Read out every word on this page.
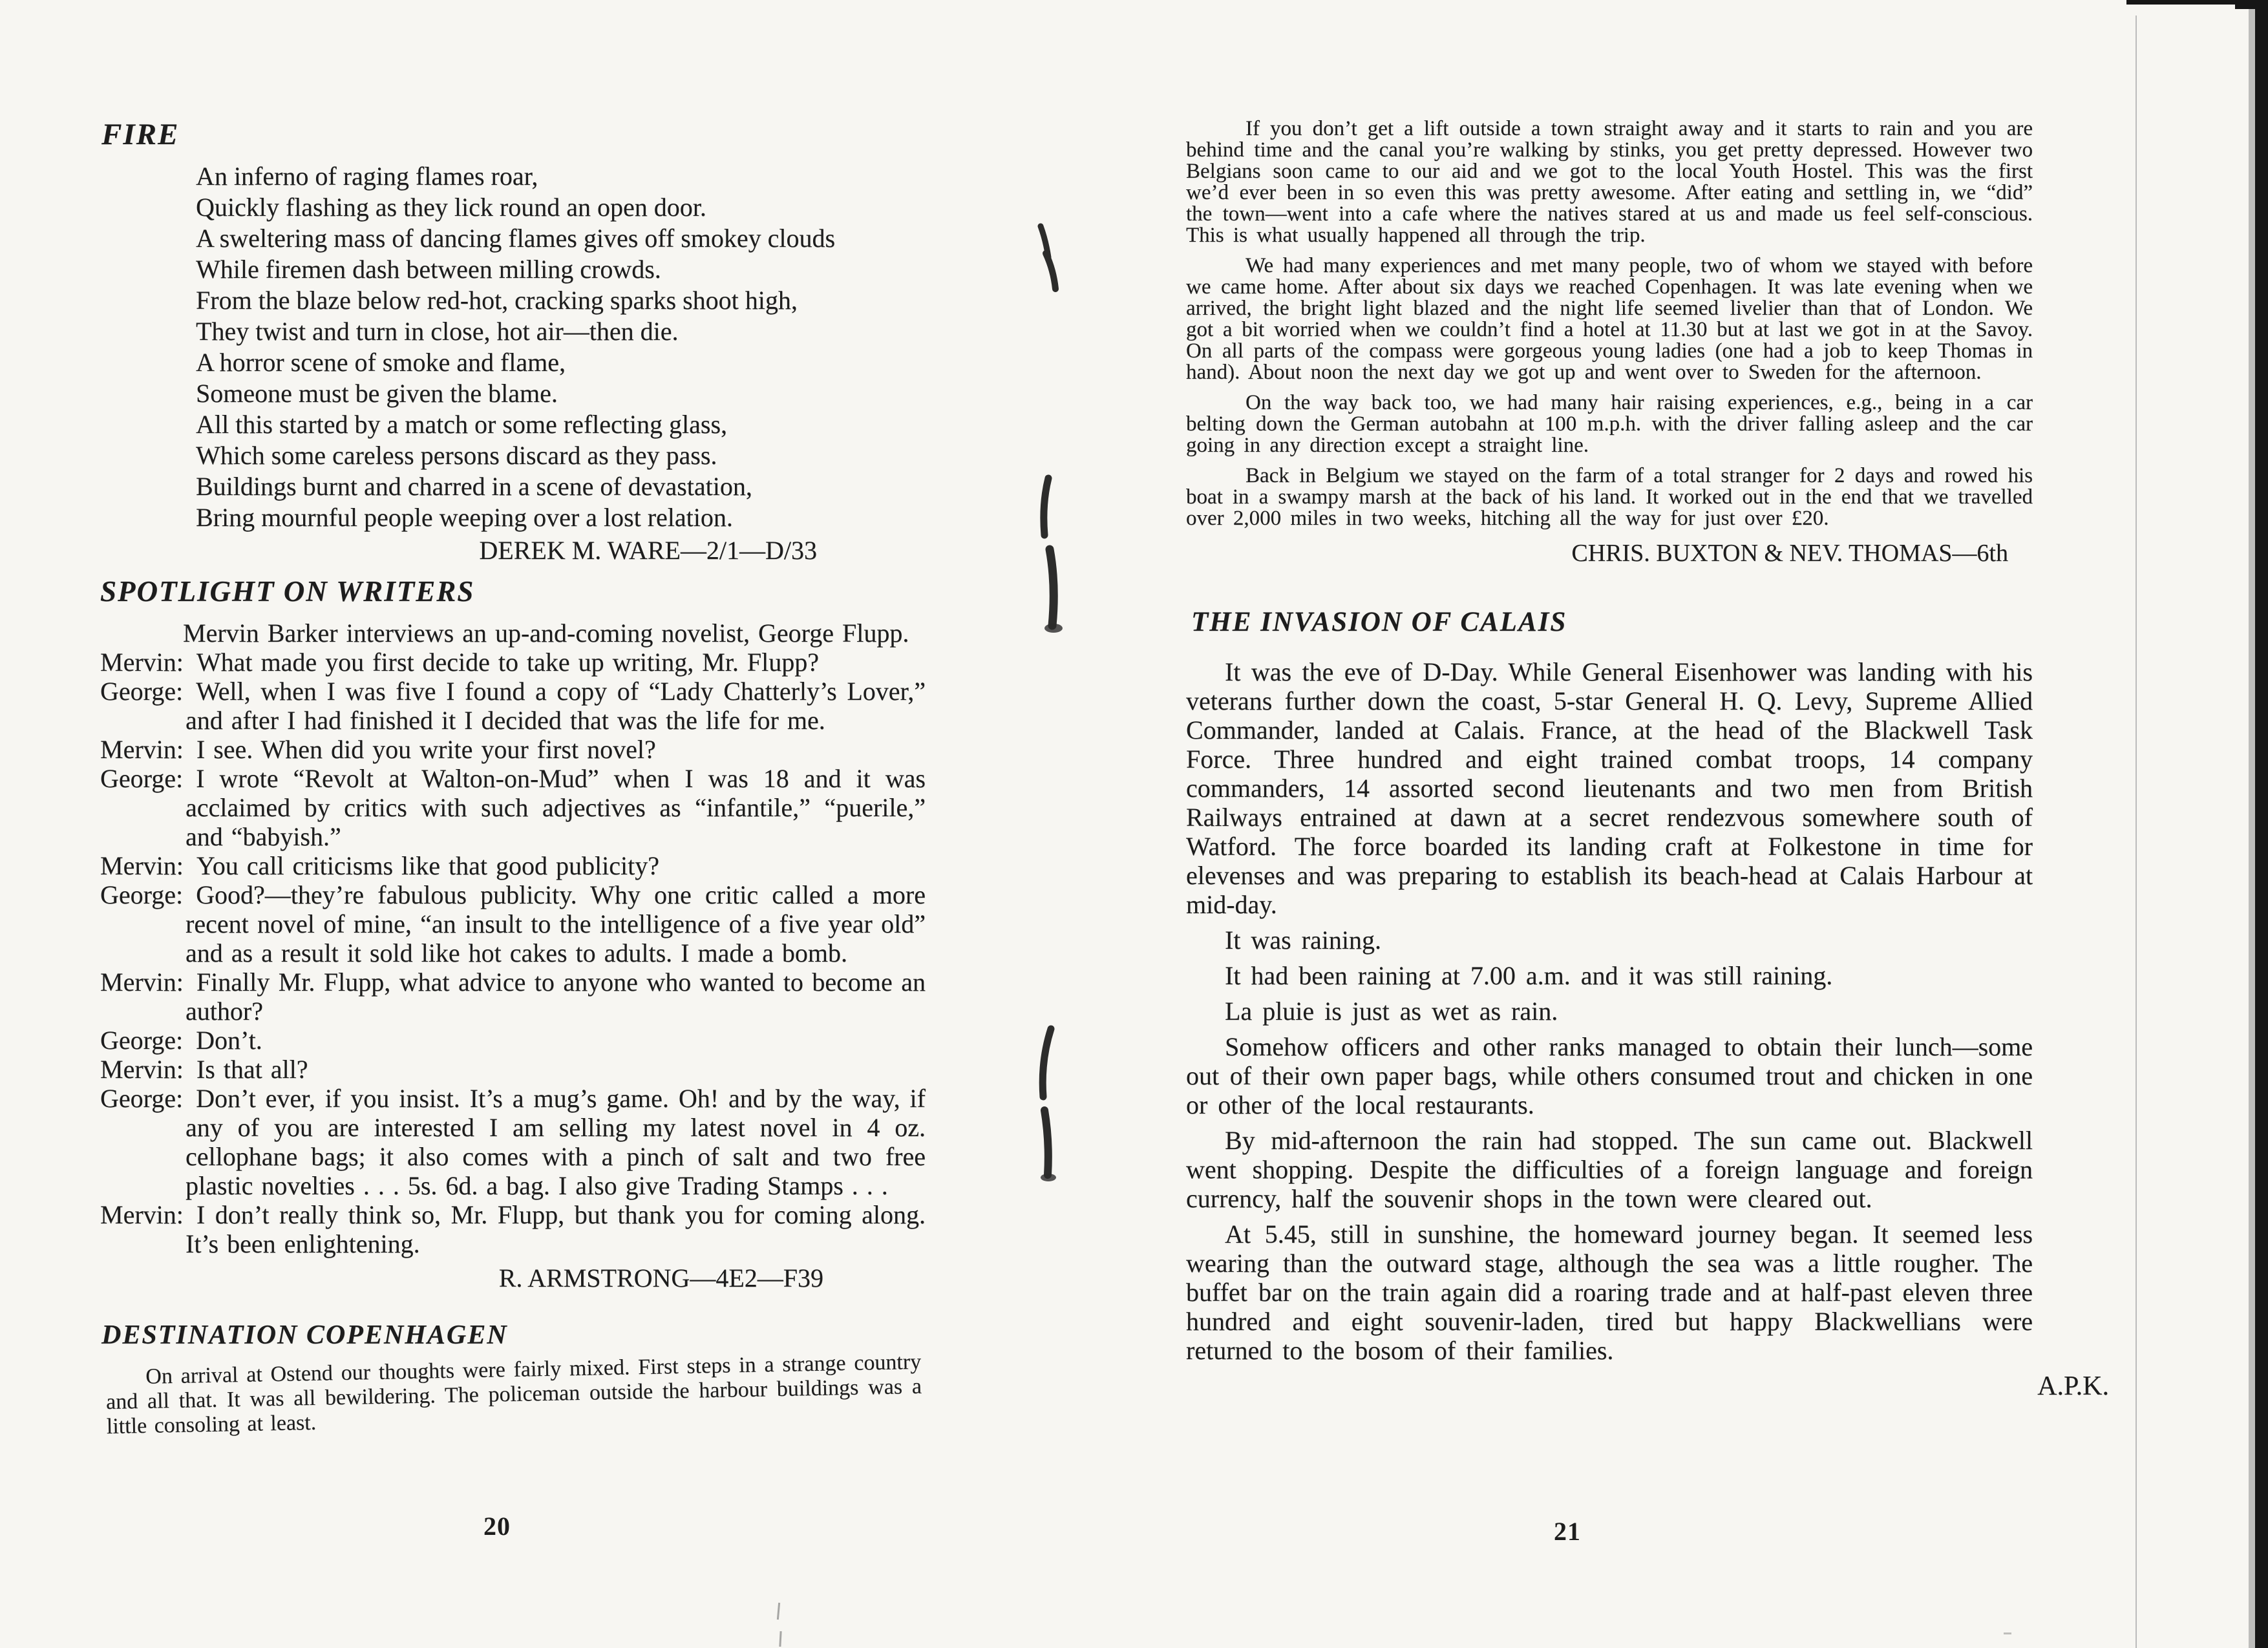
FIRE
An inferno of raging flames roar,
Quickly flashing as they lick round an open door.
A sweltering mass of dancing flames gives off smokey clouds
While firemen dash between milling crowds.
From the blaze below red-hot, cracking sparks shoot high,
They twist and turn in close, hot air—then die.
A horror scene of smoke and flame,
Someone must be given the blame.
All this started by a match or some reflecting glass,
Which some careless persons discard as they pass.
Buildings burnt and charred in a scene of devastation,
Bring mournful people weeping over a lost relation.
DEREK M. WARE—2/1—D/33
SPOTLIGHT ON WRITERS

Mervin Barker interviews an up-and-coming novelist, George Flupp.

Mervin: What made you first decide to take up writing, Mr. Flupp?
George: Well, when I was five I found a copy of “Lady Chatterly’s Lover,” and after I had finished it I decided that was the life for me.
Mervin: I see. When did you write your first novel?
George: I wrote “Revolt at Walton-on-Mud” when I was 18 and it was acclaimed by critics with such adjectives as “infantile,” “puerile,” and “babyish.”
Mervin: You call criticisms like that good publicity?
George: Good?—they’re fabulous publicity. Why one critic called a more recent novel of mine, “an insult to the intelligence of a five year old” and as a result it sold like hot cakes to adults. I made a bomb.
Mervin: Finally Mr. Flupp, what advice to anyone who wanted to become an author?
George: Don’t.
Mervin: Is that all?
George: Don’t ever, if you insist. It’s a mug’s game. Oh! and by the way, if any of you are interested I am selling my latest novel in 4 oz. cellophane bags; it also comes with a pinch of salt and two free plastic novelties . . . 5s. 6d. a bag. I also give Trading Stamps . . .
Mervin: I don’t really think so, Mr. Flupp, but thank you for coming along. It’s been enlightening.
R. ARMSTRONG—4E2—F39
DESTINATION COPENHAGEN

On arrival at Ostend our thoughts were fairly mixed. First steps in a strange country and all that. It was all bewildering. The policeman outside the harbour buildings was a little consoling at least.

20
If you don’t get a lift outside a town straight away and it starts to rain and you are behind time and the canal you’re walking by stinks, you get pretty depressed. However two Belgians soon came to our aid and we got to the local Youth Hostel. This was the first we’d ever been in so even this was pretty awesome. After eating and settling in, we “did” the town—went into a cafe where the natives stared at us and made us feel self-conscious. This is what usually happened all through the trip.
We had many experiences and met many people, two of whom we stayed with before we came home. After about six days we reached Copenhagen. It was late evening when we arrived, the bright light blazed and the night life seemed livelier than that of London. We got a bit worried when we couldn’t find a hotel at 11.30 but at last we got in at the Savoy. On all parts of the compass were gorgeous young ladies (one had a job to keep Thomas in hand). About noon the next day we got up and went over to Sweden for the afternoon.
On the way back too, we had many hair raising experiences, e.g., being in a car belting down the German autobahn at 100 m.p.h. with the driver falling asleep and the car going in any direction except a straight line.
Back in Belgium we stayed on the farm of a total stranger for 2 days and rowed his boat in a swampy marsh at the back of his land. It worked out in the end that we travelled over 2,000 miles in two weeks, hitching all the way for just over £20.
CHRIS. BUXTON & NEV. THOMAS—6th
THE INVASION OF CALAIS
It was the eve of D-Day. While General Eisenhower was landing with his veterans further down the coast, 5-star General H. Q. Levy, Supreme Allied Commander, landed at Calais. France, at the head of the Blackwell Task Force. Three hundred and eight trained combat troops, 14 company commanders, 14 assorted second lieutenants and two men from British Railways entrained at dawn at a secret rendezvous somewhere south of Watford. The force boarded its landing craft at Folkestone in time for elevenses and was preparing to establish its beach-head at Calais Harbour at mid-day.
It was raining.
It had been raining at 7.00 a.m. and it was still raining.
La pluie is just as wet as rain.
Somehow officers and other ranks managed to obtain their lunch—some out of their own paper bags, while others consumed trout and chicken in one or other of the local restaurants.
By mid-afternoon the rain had stopped. The sun came out. Blackwell went shopping. Despite the difficulties of a foreign language and foreign currency, half the souvenir shops in the town were cleared out.
At 5.45, still in sunshine, the homeward journey began. It seemed less wearing than the outward stage, although the sea was a little rougher. The buffet bar on the train again did a roaring trade and at half-past eleven three hundred and eight souvenir-laden, tired but happy Blackwellians were returned to the bosom of their families.
A.P.K.
21
